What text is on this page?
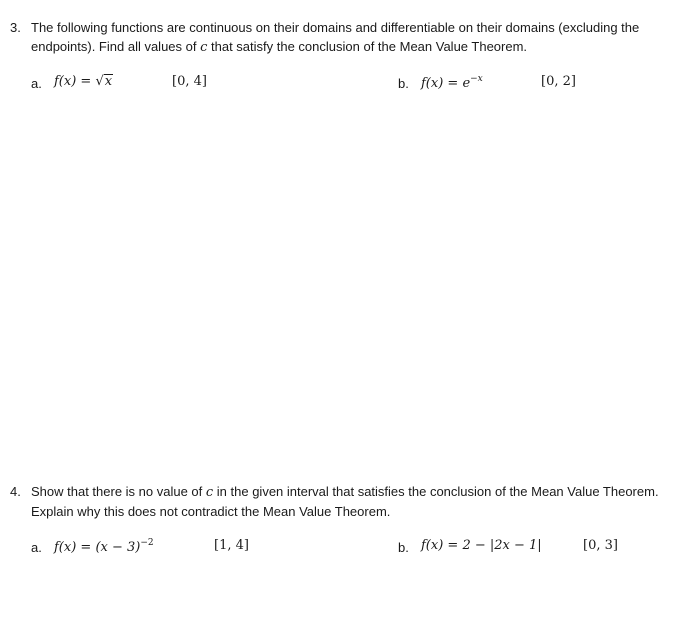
3. The following functions are continuous on their domains and differentiable on their domains (excluding the
endpoints). Find all values of c that satisfy the conclusion of the Mean Value Theorem.
a. f(x) = √x	[0, 4]	b. $f(x) = e^{-x}$	[0, 2]
4. Show that there is no value of c in the given interval that satisfies the conclusion of the Mean Value Theorem.
Explain why this does not contradict the Mean Value Theorem.
a. $f(x) = (x - 3)^{-2}$	[1, 4]	b. f(x) = 2 − |2x − 1|	[0, 3]
